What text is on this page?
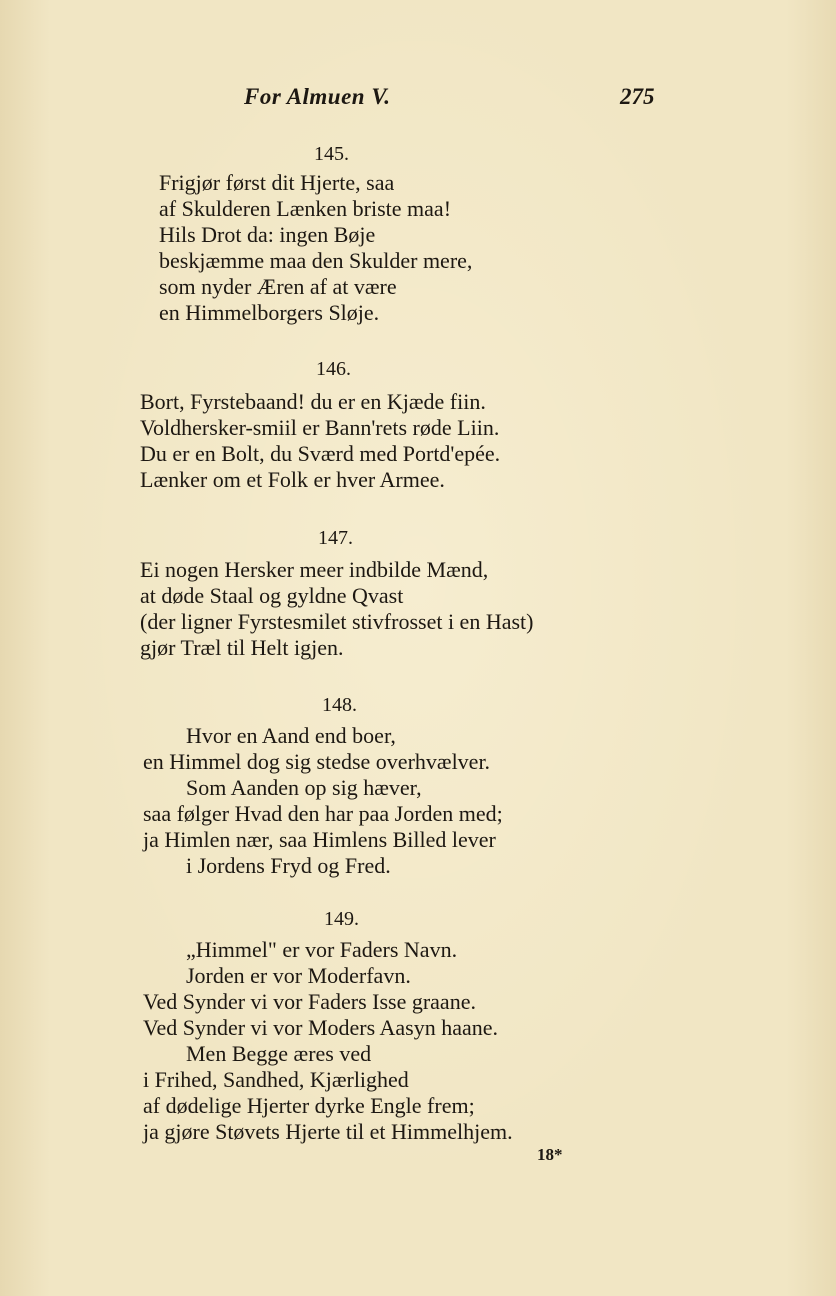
For Almuen V.	275
145.
Frigjør først dit Hjerte, saa
af Skulderen Lænken briste maa!
Hils Drot da: ingen Bøje
beskjæmme maa den Skulder mere,
som nyder Æren af at være
en Himmelborgers Sløje.
146.
Bort, Fyrstebaand! du er en Kjæde fiin.
Voldhersker-smiil er Bann'rets røde Liin.
Du er en Bolt, du Sværd med Portd'epée.
Lænker om et Folk er hver Armee.
147.
Ei nogen Hersker meer indbilde Mænd,
at døde Staal og gyldne Qvast
(der ligner Fyrstesmilet stivfrosset i en Hast)
gjør Træl til Helt igjen.
148.
Hvor en Aand end boer,
en Himmel dog sig stedse overhvælver.
Som Aanden op sig hæver,
saa følger Hvad den har paa Jorden med;
ja Himlen nær, saa Himlens Billed lever
i Jordens Fryd og Fred.
149.
„Himmel" er vor Faders Navn.
Jorden er vor Moderfavn.
Ved Synder vi vor Faders Isse graane.
Ved Synder vi vor Moders Aasyn haane.
Men Begge æres ved
i Frihed, Sandhed, Kjærlighed
af dødelige Hjerter dyrke Engle frem;
ja gjøre Støvets Hjerte til et Himmelhjem.
18*
